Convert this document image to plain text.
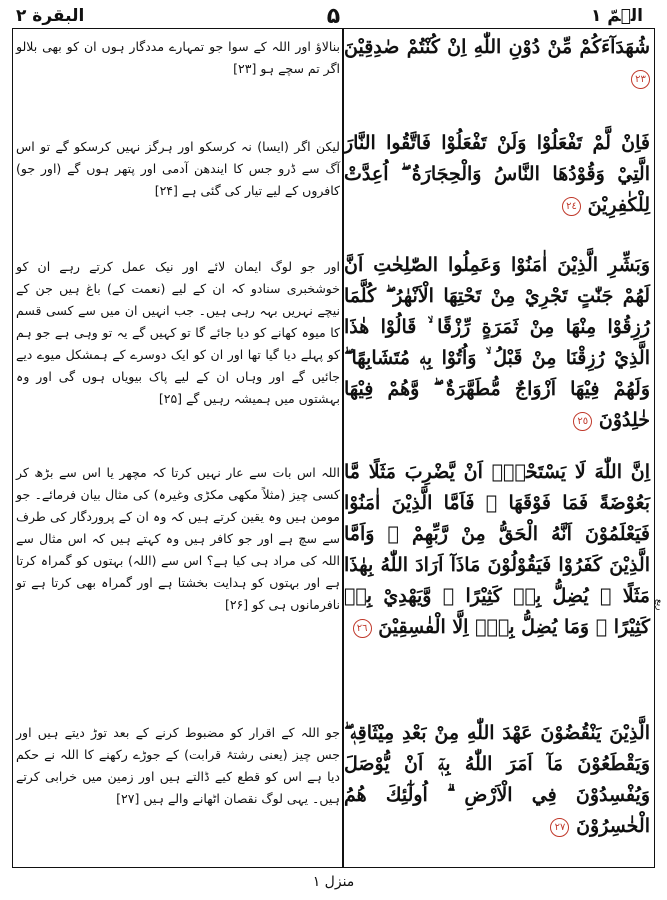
البقرة ٢	۵	الۗمّ ١

شُهَدَآءَكُمْ مِّنْ دُوْنِ اللّٰهِ اِنْ كُنْتُمْ صٰدِقِيْنَ ٢٣

فَاِنْ لَّمْ تَفْعَلُوْا وَلَنْ تَفْعَلُوْا فَاتَّقُوا النَّارَ الَّتِيْ وَقُوْدُهَا النَّاسُ وَالْحِجَارَةُ ۖ اُعِدَّتْ لِلْكٰفِرِيْنَ ٢٤

وَبَشِّرِ الَّذِيْنَ اٰمَنُوْا وَعَمِلُوا الصّٰلِحٰتِ اَنَّ لَهُمْ جَنّٰتٍ تَجْرِيْ مِنْ تَحْتِهَا الْاَنْهٰرُ ۖ كُلَّمَا رُزِقُوْا مِنْهَا مِنْ ثَمَرَةٍ رِّزْقًا ۙ قَالُوْا هٰذَا الَّذِيْ رُزِقْنَا مِنْ قَبْلُ ۙ وَاُتُوْا بِهٖ مُتَشَابِهًا ۖ وَلَهُمْ فِيْهَا اَزْوَاجٌ مُّطَهَّرَةٌ ۖ وَّهُمْ فِيْهَا خٰلِدُوْنَ ٢٥

اِنَّ اللّٰهَ لَا يَسْتَحْيٖٓ اَنْ يَّضْرِبَ مَثَلًا مَّا بَعُوْضَةً فَمَا فَوْقَهَا ۗ فَاَمَّا الَّذِيْنَ اٰمَنُوْا فَيَعْلَمُوْنَ اَنَّهُ الْحَقُّ مِنْ رَّبِّهِمْ ۚ وَاَمَّا الَّذِيْنَ كَفَرُوْا فَيَقُوْلُوْنَ مَاذَآ اَرَادَ اللّٰهُ بِهٰذَا مَثَلًا ۘ يُضِلُّ بِهٖ كَثِيْرًا ۙ وَّيَهْدِيْ بِهٖ كَثِيْرًا ۗ وَمَا يُضِلُّ بِهٖٓ اِلَّا الْفٰسِقِيْنَ ٢٦

الَّذِيْنَ يَنْقُضُوْنَ عَهْدَ اللّٰهِ مِنْ بَعْدِ مِيْثَاقِهٖ ۖ وَيَقْطَعُوْنَ مَآ اَمَرَ اللّٰهُ بِهٖٓ اَنْ يُّوْصَلَ وَيُفْسِدُوْنَ فِي الْاَرْضِ ۗ اُولٰٓئِكَ هُمُ الْخٰسِرُوْنَ ٢٧

بنالاؤ اور اللہ کے سوا جو تمہارے مددگار ہوں ان کو بھی بلالو اگر تم سچے ہو [۲۳]

لیکن اگر (ایسا) نہ کرسکو اور ہرگز نہیں کرسکو گے تو اس آگ سے ڈرو جس کا ایندھن آدمی اور پتھر ہوں گے (اور جو) کافروں کے لیے تیار کی گئی ہے [۲۴]

اور جو لوگ ایمان لائے اور نیک عمل کرتے رہے ان کو خوشخبری سنادو کہ ان کے لیے (نعمت کے) باغ ہیں جن کے نیچے نہریں بہہ رہی ہیں۔ جب انہیں ان میں سے کسی قسم کا میوہ کھانے کو دیا جائے گا تو کہیں گے یہ تو وہی ہے جو ہم کو پہلے دیا گیا تھا اور ان کو ایک دوسرے کے ہمشکل میوے دیے جائیں گے اور وہاں ان کے لیے پاک بیویاں ہوں گی اور وہ بہشتوں میں ہمیشہ رہیں گے [۲۵]

اللہ اس بات سے عار نہیں کرتا کہ مچھر یا اس سے بڑھ کر کسی چیز (مثلاً مکھی مکڑی وغیرہ) کی مثال بیان فرمائے۔ جو مومن ہیں وہ یقین کرتے ہیں کہ وہ ان کے پروردگار کی طرف سے سچ ہے اور جو کافر ہیں وہ کہتے ہیں کہ اس مثال سے اللہ کی مراد ہی کیا ہے؟ اس سے (اللہ) بہتوں کو گمراہ کرتا ہے اور بہتوں کو ہدایت بخشتا ہے اور گمراہ بھی کرتا ہے تو نافرمانوں ہی کو [۲۶]

جو اللہ کے اقرار کو مضبوط کرنے کے بعد توڑ دیتے ہیں اور جس چیز (یعنی رشتۂ قرابت) کے جوڑے رکھنے کا اللہ نے حکم دیا ہے اس کو قطع کیے ڈالتے ہیں اور زمین میں خرابی کرتے ہیں۔ یہی لوگ نقصان اٹھانے والے ہیں [۲۷]

ربع
منزل ١
